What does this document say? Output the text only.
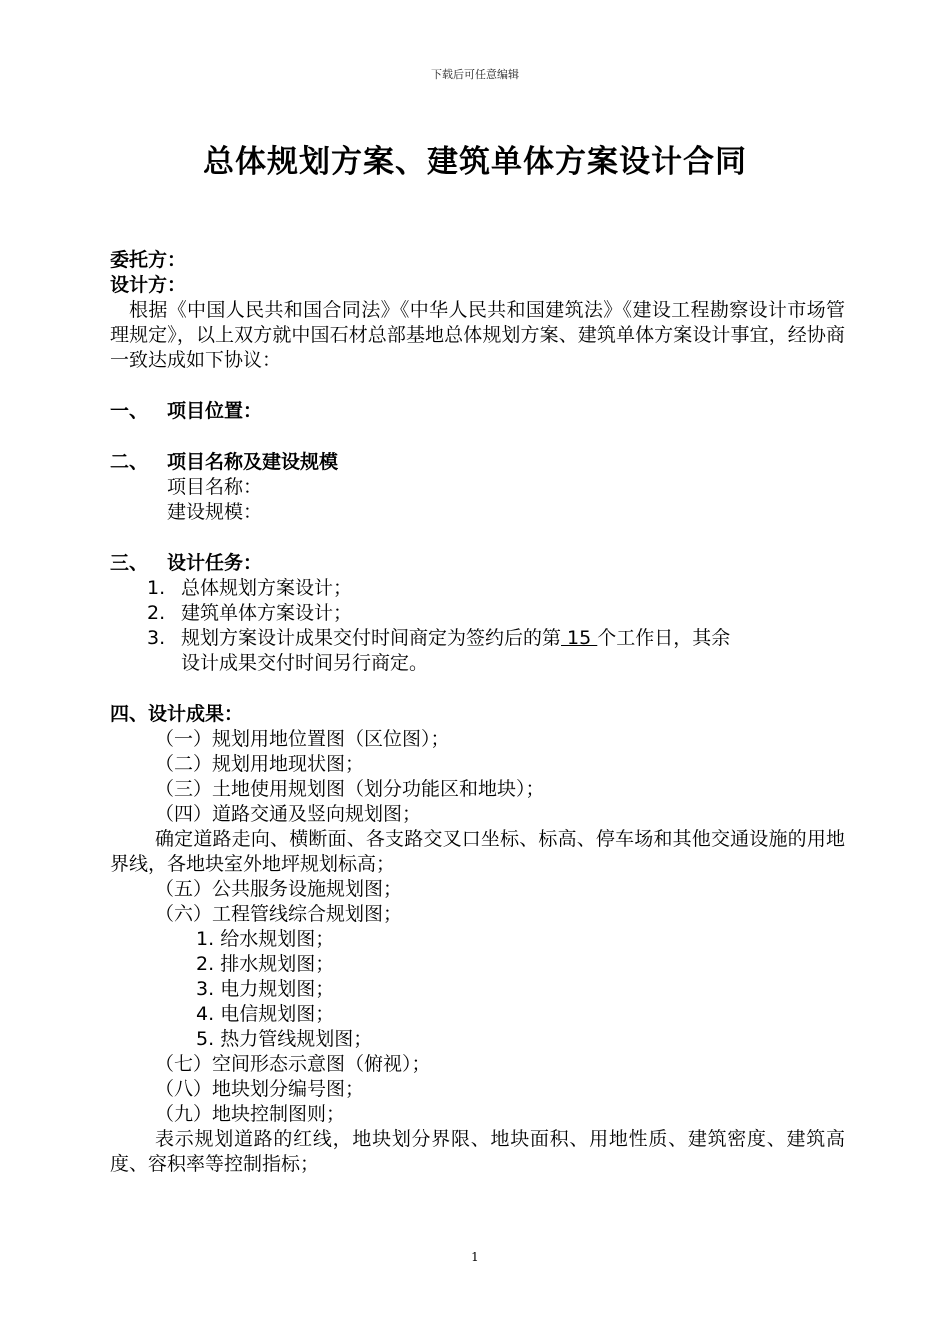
下载后可任意编辑
总体规划方案、建筑单体方案设计合同
委托方：
设计方：
根据《中国人民共和国合同法》《中华人民共和国建筑法》《建设工程勘察设计市场管理规定》，以上双方就中国石材总部基地总体规划方案、建筑单体方案设计事宜，经协商一致达成如下协议：
一、 项目位置：
二、 项目名称及建设规模
项目名称：
建设规模：
三、 设计任务：
1. 总体规划方案设计；
2. 建筑单体方案设计；
3. 规划方案设计成果交付时间商定为签约后的第 15 个工作日，其余
设计成果交付时间另行商定。
四、设计成果：
（一）规划用地位置图（区位图）；
（二）规划用地现状图；
（三）土地使用规划图（划分功能区和地块）；
（四）道路交通及竖向规划图；
确定道路走向、横断面、各支路交叉口坐标、标高、停车场和其他交通设施的用地界线，各地块室外地坪规划标高；
（五）公共服务设施规划图；
（六）工程管线综合规划图；
1. 给水规划图；
2. 排水规划图；
3. 电力规划图；
4. 电信规划图；
5. 热力管线规划图；
（七）空间形态示意图（俯视）；
（八）地块划分编号图；
（九）地块控制图则；
表示规划道路的红线，地块划分界限、地块面积、用地性质、建筑密度、建筑高度、容积率等控制指标；
1
